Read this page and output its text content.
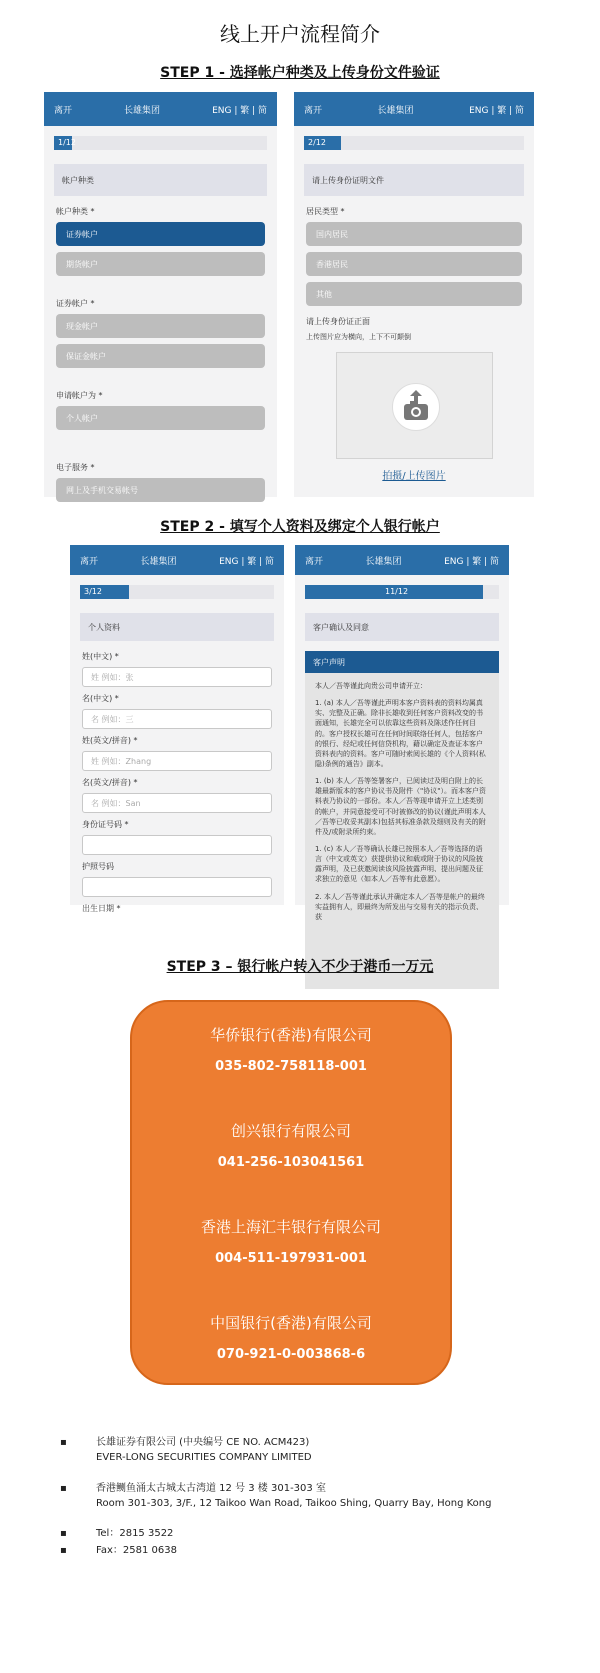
线上开户流程简介
STEP 1 - 选择帐户种类及上传身份文件验证
离开	长雄集团	ENG | 繁 | 简
1/12
帐户种类
帐户种类 *
证券帐户
期货帐户
证券帐户 *
现金帐户
保证金帐户
申请帐户为 *
个人帐户
电子服务 *
网上及手机交易帐号
离开	长雄集团	ENG | 繁 | 简
2/12
请上传身份证明文件
居民类型 *
国内居民
香港居民
其他
请上传身份证正面
上传图片应为横向，上下不可颠倒
拍摄/上传图片
STEP 2 - 填写个人资料及绑定个人银行帐户
离开	长雄集团	ENG | 繁 | 简
3/12
个人资料
姓(中文) *
姓 例如：张
名(中文) *
名 例如：三
姓(英文/拼音) *
姓 例如：Zhang
名(英文/拼音) *
名 例如：San
身份证号码 *
护照号码
出生日期 *
离开	长雄集团	ENG | 繁 | 简
11/12
客户确认及同意
客户声明

本人／吾等谨此向贵公司申请开立：

1. (a) 本人／吾等谨此声明本客户资料表的资料均属真实、完整及正确。除非长雄收到任何客户资料改变的书面通知，长雄完全可以依靠这些资料及陈述作任何目的。客户授权长雄可在任何时间联络任何人，包括客户的银行、经纪或任何信贷机构，藉以确定及查证本客户资料表内的资料。客户可随时索阅长雄的《个人资料(私隐)条例的通告》副本。

1. (b) 本人／吾等签署客户，已阅读过及明白附上的长雄最新版本的客户协议书及附件（"协议"）。而本客户资料表乃协议的一部份。本人／吾等现申请开立上述类别的帐户，并同意接受可不时被修改的协议(谨此声明本人／吾等已收妥其副本)包括其标准条款及细则及有关的附件及/或附录所约束。

1. (c) 本人／吾等确认长雄已按照本人／吾等选择的语言（中文或英文）获提供协议和载或附于协议的风险披露声明，及已获邀阅读该风险披露声明、提出问题及征求独立的意见（如本人／吾等有此意愿）。

2. 本人／吾等谨此承认并确定本人／吾等是帐户的最终实益拥有人，即最终为所发出与交易有关的指示负责、获

STEP 3 – 银行帐户转入不少于港币一万元
华侨银行(香港)有限公司
035-802-758118-001
创兴银行有限公司
041-256-103041561
香港上海汇丰银行有限公司
004-511-197931-001
中国银行(香港)有限公司
070-921-0-003868-6
▪	长雄证券有限公司 (中央编号 CE NO. ACM423)
EVER-LONG SECURITIES COMPANY LIMITED
▪	香港鲗鱼涌太古城太古湾道 12 号 3 楼 301-303 室
Room 301-303, 3/F., 12 Taikoo Wan Road, Taikoo Shing, Quarry Bay, Hong Kong
▪	Tel：2815 3522
▪	Fax：2581 0638
